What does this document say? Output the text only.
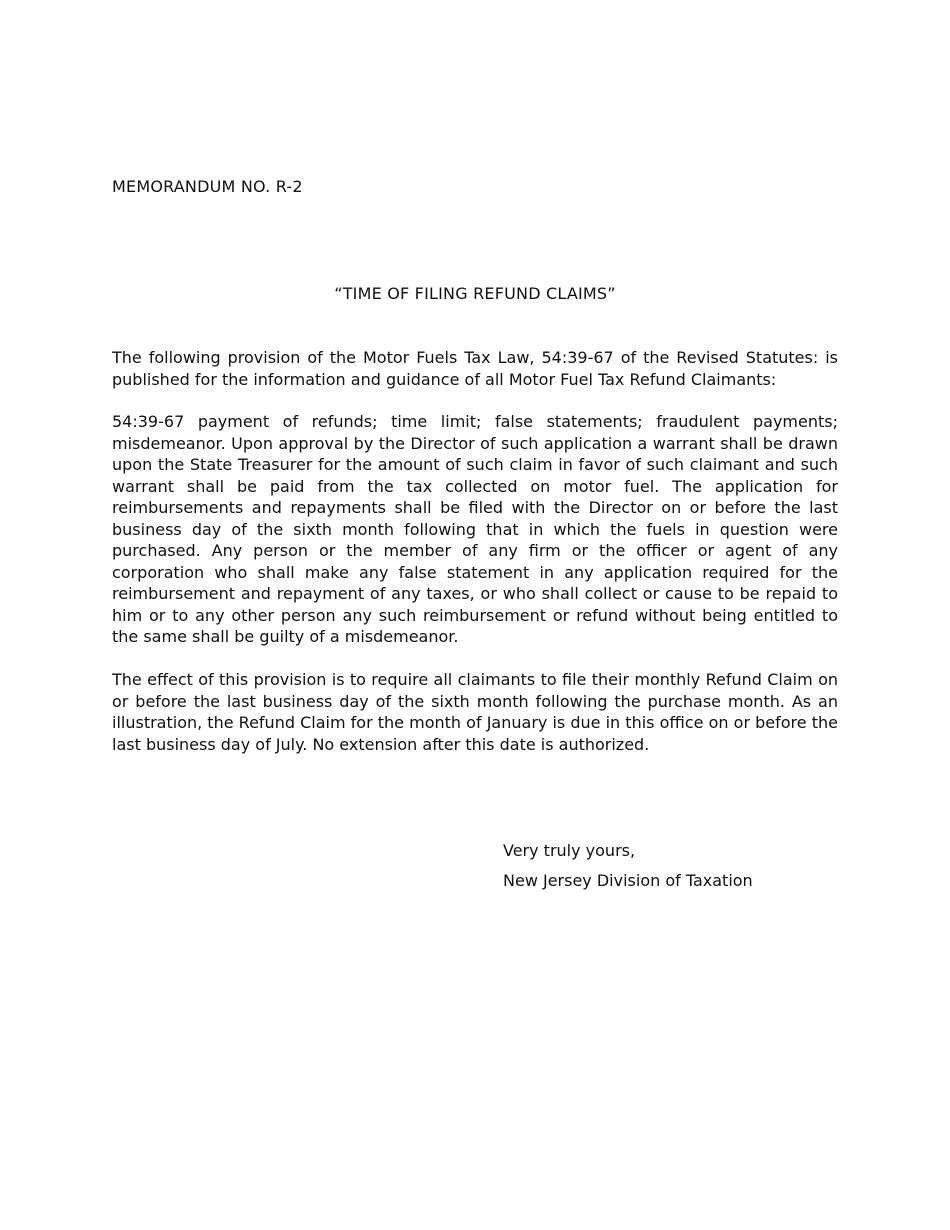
MEMORANDUM NO. R-2
“TIME OF FILING REFUND CLAIMS”

The following provision of the Motor Fuels Tax Law, 54:39-67 of the Revised Statutes: is published for the information and guidance of all Motor Fuel Tax Refund Claimants:

54:39-67 payment of refunds; time limit; false statements; fraudulent payments; misdemeanor. Upon approval by the Director of such application a warrant shall be drawn upon the State Treasurer for the amount of such claim in favor of such claimant and such warrant shall be paid from the tax collected on motor fuel. The application for reimbursements and repayments shall be filed with the Director on or before the last business day of the sixth month following that in which the fuels in question were purchased. Any person or the member of any firm or the officer or agent of any corporation who shall make any false statement in any application required for the reimbursement and repayment of any taxes, or who shall collect or cause to be repaid to him or to any other person any such reimbursement or refund without being entitled to the same shall be guilty of a misdemeanor.

The effect of this provision is to require all claimants to file their monthly Refund Claim on or before the last business day of the sixth month following the purchase month. As an illustration, the Refund Claim for the month of January is due in this office on or before the last business day of July. No extension after this date is authorized.

Very truly yours,
New Jersey Division of Taxation
